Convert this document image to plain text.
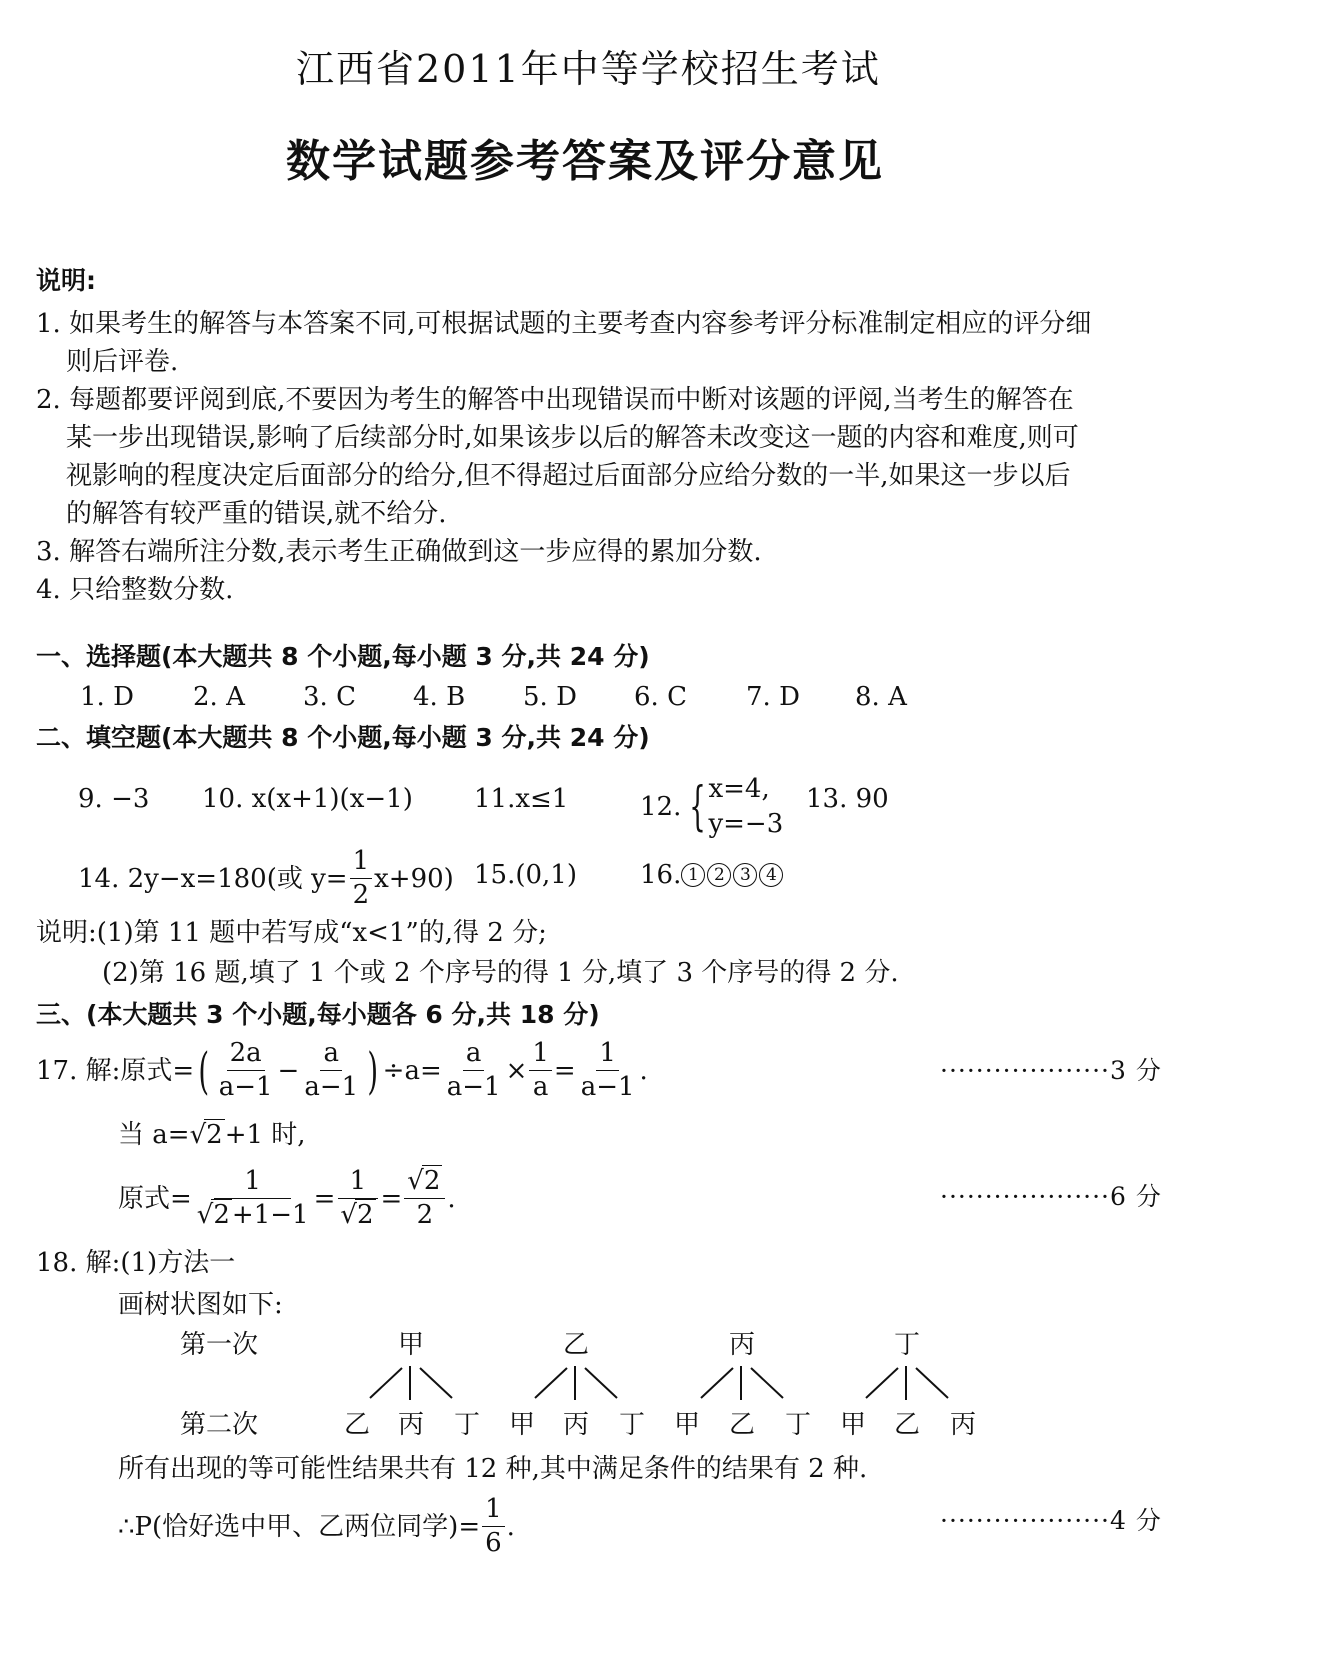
江西省2011年中等学校招生考试
数学试题参考答案及评分意见
说明:
1. 如果考生的解答与本答案不同,可根据试题的主要考查内容参考评分标准制定相应的评分细
则后评卷.
2. 每题都要评阅到底,不要因为考生的解答中出现错误而中断对该题的评阅,当考生的解答在
某一步出现错误,影响了后续部分时,如果该步以后的解答未改变这一题的内容和难度,则可
视影响的程度决定后面部分的给分,但不得超过后面部分应给分数的一半,如果这一步以后
的解答有较严重的错误,就不给分.
3. 解答右端所注分数,表示考生正确做到这一步应得的累加分数.
4. 只给整数分数.
一、选择题(本大题共 8 个小题,每小题 3 分,共 24 分)
1. D 2. A 3. C 4. B 5. D 6. C 7. D 8. A
二、填空题(本大题共 8 个小题,每小题 3 分,共 24 分)
9. −3 10. x(x+1)(x−1) 11.x≤1	12. { x=4,
y=−3
13. 90
14. 2y−x=180(或 $y= \frac{1}{2} x+90$) 15.(0,1) 16. 1 2 3 4
说明:(1)第 11 题中若写成“x<1”的,得 2 分;
(2)第 16 题,填了 1 个或 2 个序号的得 1 分,填了 3 个序号的得 2 分.
三、(本大题共 3 个小题,每小题各 6 分,共 18 分)
17. 解:原式= ( $\frac{2a}{a-1} - \frac{a}{a-1}$ ) $\div a= \frac{a}{a-1} \times \frac{1}{a} = \frac{1}{a-1}$ .	···················3 分
当 a=√2+1 时,
原式= $\frac{1}{√2+1-1} = \frac{1}{√2} = \frac{√2}{2}$ .	···················6 分
18. 解:(1)方法一
画树状图如下:
第一次	甲	乙	丙	丁
第二次	乙 丙 丁 甲 丙 丁 甲 乙 丁 甲 乙 丙
所有出现的等可能性结果共有 12 种,其中满足条件的结果有 2 种.
∴P(恰好选中甲、乙两位同学)= $\frac{1}{6}$ .	···················4 分
